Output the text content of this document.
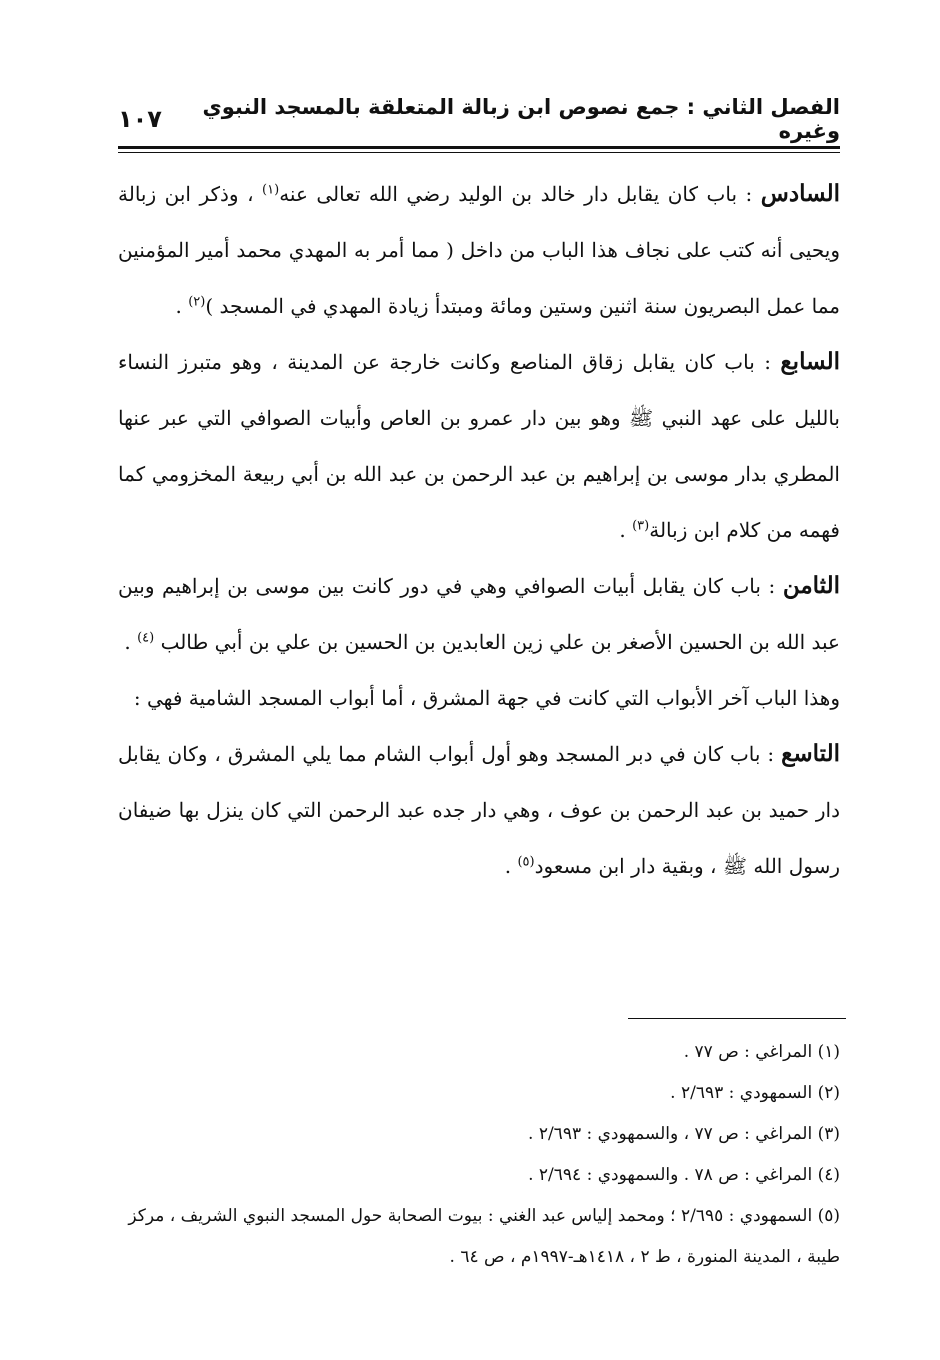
الفصل الثاني : جمع نصوص ابن زبالة المتعلقة بالمسجد النبوي وغيره
١٠٧

السادس : باب كان يقابل دار خالد بن الوليد رضي الله تعالى عنه$^{(١)}$ ، وذكر ابن زبالة ويحيى أنه كتب على نجاف هذا الباب من داخل ( مما أمر به المهدي محمد أمير المؤمنين مما عمل البصريون سنة اثنين وستين ومائة ومبتدأ زيادة المهدي في المسجد )$^{(٢)}$ .

السابع : باب كان يقابل زقاق المناصع وكانت خارجة عن المدينة ، وهو متبرز النساء بالليل على عهد النبي ﷺ وهو بين دار عمرو بن العاص وأبيات الصوافي التي عبر عنها المطري بدار موسى بن إبراهيم بن عبد الرحمن بن عبد الله بن أبي ربيعة المخزومي كما فهمه من كلام ابن زبالة$^{(٣)}$ .

الثامن : باب كان يقابل أبيات الصوافي وهي في دور كانت بين موسى بن إبراهيم وبين عبد الله بن الحسين الأصغر بن علي زين العابدين بن الحسين بن علي بن أبي طالب $^{(٤)}$ .

وهذا الباب آخر الأبواب التي كانت في جهة المشرق ، أما أبواب المسجد الشامية فهي :

التاسع : باب كان في دبر المسجد وهو أول أبواب الشام مما يلي المشرق ، وكان يقابل دار حميد بن عبد الرحمن بن عوف ، وهي دار جده عبد الرحمن التي كان ينزل بها ضيفان رسول الله ﷺ ، وبقية دار ابن مسعود$^{(٥)}$ .

(١) المراغي : ص ٧٧ .

(٢) السمهودي : ٢/٦٩٣ .

(٣) المراغي : ص ٧٧ ، والسمهودي : ٢/٦٩٣ .

(٤) المراغي : ص ٧٨ . والسمهودي : ٢/٦٩٤ .

(٥) السمهودي : ٢/٦٩٥ ؛ ومحمد إلياس عبد الغني : بيوت الصحابة حول المسجد النبوي الشريف ، مركز طيبة ، المدينة المنورة ، ط ٢ ، ١٤١٨هـ-١٩٩٧م ، ص ٦٤ .
